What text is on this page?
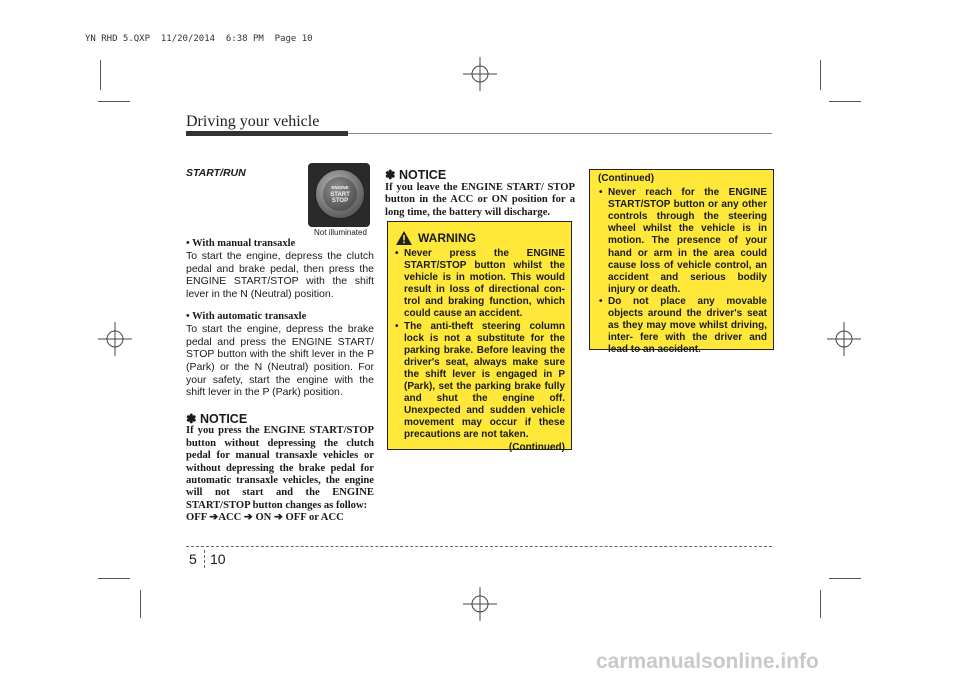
YN RHD 5.QXP  11/20/2014  6:38 PM  Page 10
Driving your vehicle
ENGINE
START
STOP
Not illuminated

START/RUN

• With manual transaxle

To start the engine, depress the clutch pedal and brake pedal, then press the ENGINE START/STOP with the shift lever in the N (Neutral) position.

• With automatic transaxle

To start the engine, depress the brake pedal and press the ENGINE START/ STOP button with the shift lever in the P (Park) or the N (Neutral) position. For your safety, start the engine with the shift lever in the P (Park) position.

✽ NOTICE

If you press the ENGINE START/STOP button without depressing the clutch pedal for manual transaxle vehicles or without depressing the brake pedal for automatic transaxle vehicles, the engine will not start and the ENGINE START/STOP button changes as follow:

OFF ➔ACC ➔ ON ➔ OFF or ACC

✽ NOTICE

If you leave the ENGINE START/ STOP button in the ACC or ON position for a long time, the battery will discharge.

WARNING
• Never press the ENGINE START/STOP button whilst the vehicle is in motion. This would result in loss of directional con- trol and braking function, which could cause an accident.
• The anti-theft steering column lock is not a substitute for the parking brake. Before leaving the driver's seat, always make sure the shift lever is engaged in P (Park), set the parking brake fully and shut the engine off. Unexpected and sudden vehicle movement may occur if these precautions are not taken.
(Continued)
(Continued)
• Never reach for the ENGINE START/STOP button or any other controls through the steering wheel whilst the vehicle is in motion. The presence of your hand or arm in the area could cause loss of vehicle control, an accident and serious bodily injury or death.
• Do not place any movable objects around the driver's seat as they may move whilst driving, inter- fere with the driver and lead to an accident.
5 10
carmanualsonline.info
